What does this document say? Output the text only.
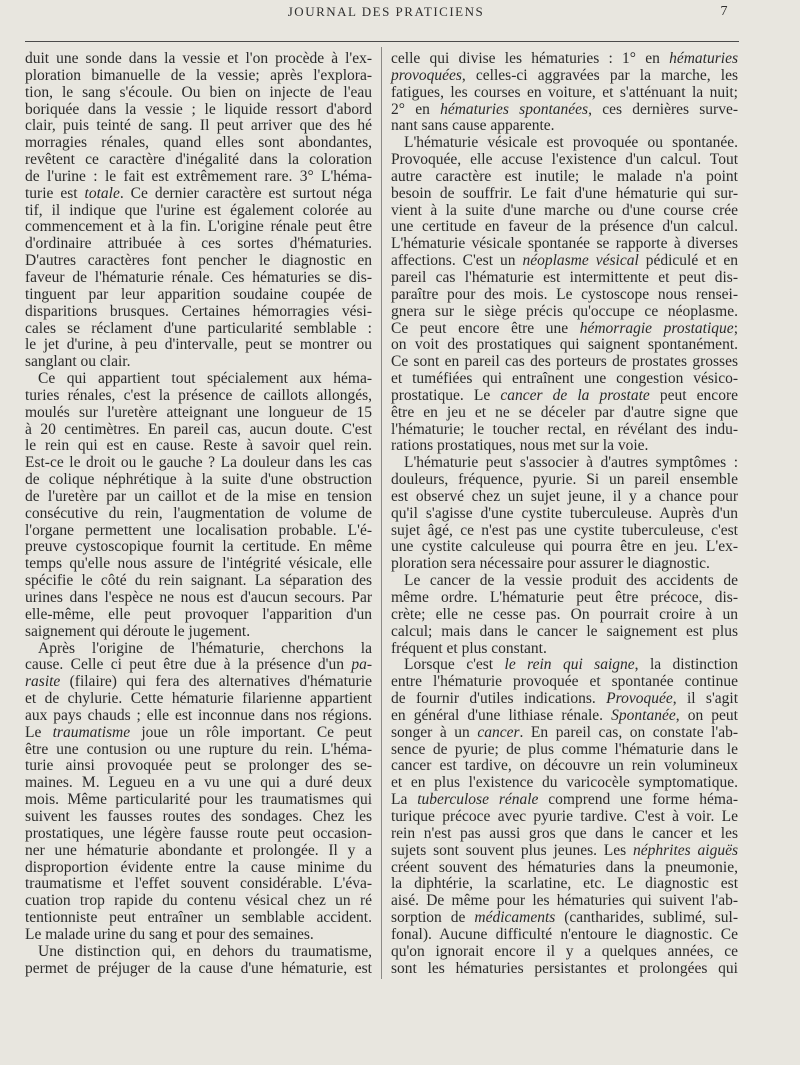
JOURNAL DES PRATICIENS	7
duit une sonde dans la vessie et l'on procède à l'ex-
ploration bimanuelle de la vessie; après l'explora-
tion, le sang s'écoule. Ou bien on injecte de l'eau
boriquée dans la vessie ; le liquide ressort d'abord
clair, puis teinté de sang. Il peut arriver que des hé
morragies rénales, quand elles sont abondantes,
revêtent ce caractère d'inégalité dans la coloration
de l'urine : le fait est extrêmement rare. 3° L'héma-
turie est totale. Ce dernier caractère est surtout néga
tif, il indique que l'urine est également colorée au
commencement et à la fin. L'origine rénale peut être
d'ordinaire attribuée à ces sortes d'hématuries.
D'autres caractères font pencher le diagnostic en
faveur de l'hématurie rénale. Ces hématuries se dis-
tinguent par leur apparition soudaine coupée de
disparitions brusques. Certaines hémorragies vési-
cales se réclament d'une particularité semblable :
le jet d'urine, à peu d'intervalle, peut se montrer ou
sanglant ou clair.
Ce qui appartient tout spécialement aux héma-
turies rénales, c'est la présence de caillots allongés,
moulés sur l'uretère atteignant une longueur de 15
à 20 centimètres. En pareil cas, aucun doute. C'est
le rein qui est en cause. Reste à savoir quel rein.
Est-ce le droit ou le gauche ? La douleur dans les cas
de colique néphrétique à la suite d'une obstruction
de l'uretère par un caillot et de la mise en tension
consécutive du rein, l'augmentation de volume de
l'organe permettent une localisation probable. L'é-
preuve cystoscopique fournit la certitude. En même
temps qu'elle nous assure de l'intégrité vésicale, elle
spécifie le côté du rein saignant. La séparation des
urines dans l'espèce ne nous est d'aucun secours. Par
elle-même, elle peut provoquer l'apparition d'un
saignement qui déroute le jugement.
Après l'origine de l'hématurie, cherchons la
cause. Celle ci peut être due à la présence d'un pa-
rasite (filaire) qui fera des alternatives d'hématurie
et de chylurie. Cette hématurie filarienne appartient
aux pays chauds ; elle est inconnue dans nos régions.
Le traumatisme joue un rôle important. Ce peut
être une contusion ou une rupture du rein. L'héma-
turie ainsi provoquée peut se prolonger des se-
maines. M. Legueu en a vu une qui a duré deux
mois. Même particularité pour les traumatismes qui
suivent les fausses routes des sondages. Chez les
prostatiques, une légère fausse route peut occasion-
ner une hématurie abondante et prolongée. Il y a
disproportion évidente entre la cause minime du
traumatisme et l'effet souvent considérable. L'éva-
cuation trop rapide du contenu vésical chez un ré
tentionniste peut entraîner un semblable accident.
Le malade urine du sang et pour des semaines.
Une distinction qui, en dehors du traumatisme,
permet de préjuger de la cause d'une hématurie, est
celle qui divise les hématuries : 1° en hématuries
provoquées, celles-ci aggravées par la marche, les
fatigues, les courses en voiture, et s'atténuant la nuit;
2° en hématuries spontanées, ces dernières surve-
nant sans cause apparente.
L'hématurie vésicale est provoquée ou spontanée.
Provoquée, elle accuse l'existence d'un calcul. Tout
autre caractère est inutile; le malade n'a point
besoin de souffrir. Le fait d'une hématurie qui sur-
vient à la suite d'une marche ou d'une course crée
une certitude en faveur de la présence d'un calcul.
L'hématurie vésicale spontanée se rapporte à diverses
affections. C'est un néoplasme vésical pédiculé et en
pareil cas l'hématurie est intermittente et peut dis-
paraître pour des mois. Le cystoscope nous rensei-
gnera sur le siège précis qu'occupe ce néoplasme.
Ce peut encore être une hémorragie prostatique;
on voit des prostatiques qui saignent spontanément.
Ce sont en pareil cas des porteurs de prostates grosses
et tuméfiées qui entraînent une congestion vésico-
prostatique. Le cancer de la prostate peut encore
être en jeu et ne se déceler par d'autre signe que
l'hématurie; le toucher rectal, en révélant des indu-
rations prostatiques, nous met sur la voie.
L'hématurie peut s'associer à d'autres symptômes :
douleurs, fréquence, pyurie. Si un pareil ensemble
est observé chez un sujet jeune, il y a chance pour
qu'il s'agisse d'une cystite tuberculeuse. Auprès d'un
sujet âgé, ce n'est pas une cystite tuberculeuse, c'est
une cystite calculeuse qui pourra être en jeu. L'ex-
ploration sera nécessaire pour assurer le diagnostic.
Le cancer de la vessie produit des accidents de
même ordre. L'hématurie peut être précoce, dis-
crète; elle ne cesse pas. On pourrait croire à un
calcul; mais dans le cancer le saignement est plus
fréquent et plus constant.
Lorsque c'est le rein qui saigne, la distinction
entre l'hématurie provoquée et spontanée continue
de fournir d'utiles indications. Provoquée, il s'agit
en général d'une lithiase rénale. Spontanée, on peut
songer à un cancer. En pareil cas, on constate l'ab-
sence de pyurie; de plus comme l'hématurie dans le
cancer est tardive, on découvre un rein volumineux
et en plus l'existence du varicocèle symptomatique.
La tuberculose rénale comprend une forme héma-
turique précoce avec pyurie tardive. C'est à voir. Le
rein n'est pas aussi gros que dans le cancer et les
sujets sont souvent plus jeunes. Les néphrites aiguës
créent souvent des hématuries dans la pneumonie,
la diphtérie, la scarlatine, etc. Le diagnostic est
aisé. De même pour les hématuries qui suivent l'ab-
sorption de médicaments (cantharides, sublimé, sul-
fonal). Aucune difficulté n'entoure le diagnostic. Ce
qu'on ignorait encore il y a quelques années, ce
sont les hématuries persistantes et prolongées qui
